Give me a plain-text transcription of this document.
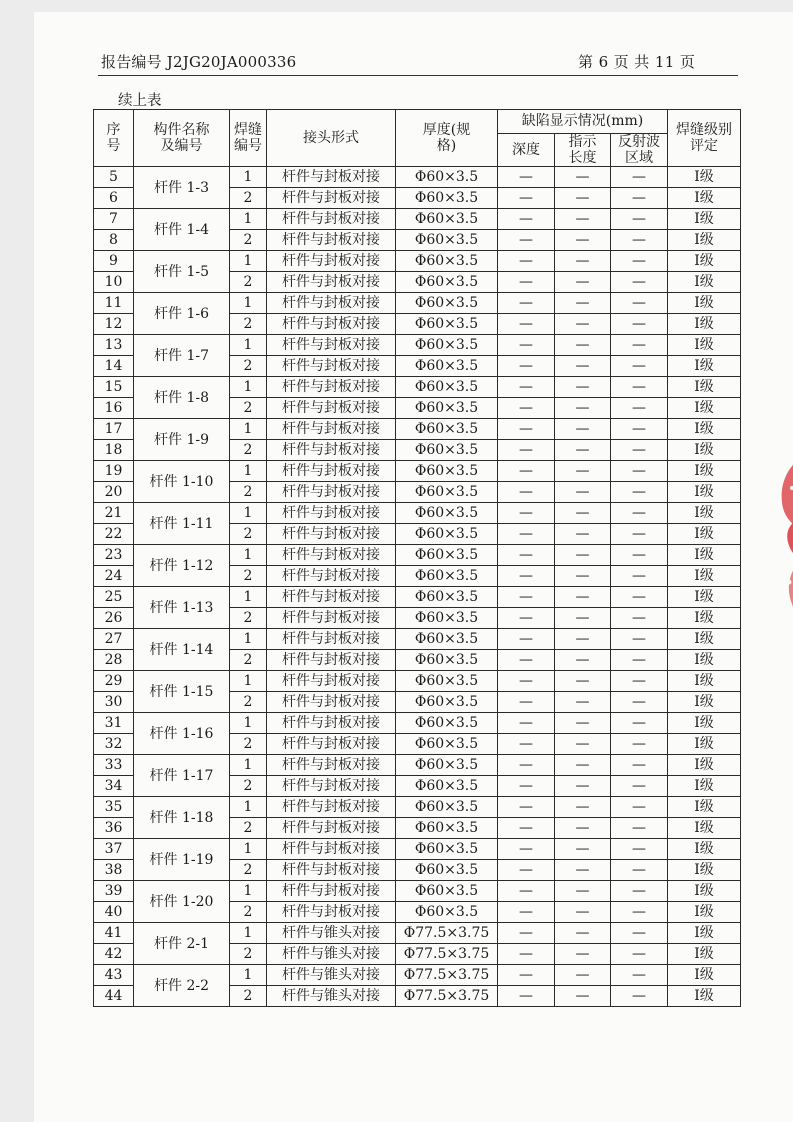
报告编号 J2JG20JA000336	第 6 页 共 11 页
续上表
序号	构件名称及编号	焊缝编号	接头形式	厚度(规格)	缺陷显示情况(mm)			焊缝级别评定
					深度	指示长度	反射波区域	
5	杆件 1-3	1	杆件与封板对接	Φ60×3.5	—	—	—	Ⅰ级
6		2	杆件与封板对接	Φ60×3.5	—	—	—	Ⅰ级
7	杆件 1-4	1	杆件与封板对接	Φ60×3.5	—	—	—	Ⅰ级
8		2	杆件与封板对接	Φ60×3.5	—	—	—	Ⅰ级
9	杆件 1-5	1	杆件与封板对接	Φ60×3.5	—	—	—	Ⅰ级
10		2	杆件与封板对接	Φ60×3.5	—	—	—	Ⅰ级
11	杆件 1-6	1	杆件与封板对接	Φ60×3.5	—	—	—	Ⅰ级
12		2	杆件与封板对接	Φ60×3.5	—	—	—	Ⅰ级
13	杆件 1-7	1	杆件与封板对接	Φ60×3.5	—	—	—	Ⅰ级
14		2	杆件与封板对接	Φ60×3.5	—	—	—	Ⅰ级
15	杆件 1-8	1	杆件与封板对接	Φ60×3.5	—	—	—	Ⅰ级
16		2	杆件与封板对接	Φ60×3.5	—	—	—	Ⅰ级
17	杆件 1-9	1	杆件与封板对接	Φ60×3.5	—	—	—	Ⅰ级
18		2	杆件与封板对接	Φ60×3.5	—	—	—	Ⅰ级
19	杆件 1-10	1	杆件与封板对接	Φ60×3.5	—	—	—	Ⅰ级
20		2	杆件与封板对接	Φ60×3.5	—	—	—	Ⅰ级
21	杆件 1-11	1	杆件与封板对接	Φ60×3.5	—	—	—	Ⅰ级
22		2	杆件与封板对接	Φ60×3.5	—	—	—	Ⅰ级
23	杆件 1-12	1	杆件与封板对接	Φ60×3.5	—	—	—	Ⅰ级
24		2	杆件与封板对接	Φ60×3.5	—	—	—	Ⅰ级
25	杆件 1-13	1	杆件与封板对接	Φ60×3.5	—	—	—	Ⅰ级
26		2	杆件与封板对接	Φ60×3.5	—	—	—	Ⅰ级
27	杆件 1-14	1	杆件与封板对接	Φ60×3.5	—	—	—	Ⅰ级
28		2	杆件与封板对接	Φ60×3.5	—	—	—	Ⅰ级
29	杆件 1-15	1	杆件与封板对接	Φ60×3.5	—	—	—	Ⅰ级
30		2	杆件与封板对接	Φ60×3.5	—	—	—	Ⅰ级
31	杆件 1-16	1	杆件与封板对接	Φ60×3.5	—	—	—	Ⅰ级
32		2	杆件与封板对接	Φ60×3.5	—	—	—	Ⅰ级
33	杆件 1-17	1	杆件与封板对接	Φ60×3.5	—	—	—	Ⅰ级
34		2	杆件与封板对接	Φ60×3.5	—	—	—	Ⅰ级
35	杆件 1-18	1	杆件与封板对接	Φ60×3.5	—	—	—	Ⅰ级
36		2	杆件与封板对接	Φ60×3.5	—	—	—	Ⅰ级
37	杆件 1-19	1	杆件与封板对接	Φ60×3.5	—	—	—	Ⅰ级
38		2	杆件与封板对接	Φ60×3.5	—	—	—	Ⅰ级
39	杆件 1-20	1	杆件与封板对接	Φ60×3.5	—	—	—	Ⅰ级
40		2	杆件与封板对接	Φ60×3.5	—	—	—	Ⅰ级
41	杆件 2-1	1	杆件与锥头对接	Φ77.5×3.75	—	—	—	Ⅰ级
42		2	杆件与锥头对接	Φ77.5×3.75	—	—	—	Ⅰ级
43	杆件 2-2	1	杆件与锥头对接	Φ77.5×3.75	—	—	—	Ⅰ级
44		2	杆件与锥头对接	Φ77.5×3.75	—	—	—	Ⅰ级
